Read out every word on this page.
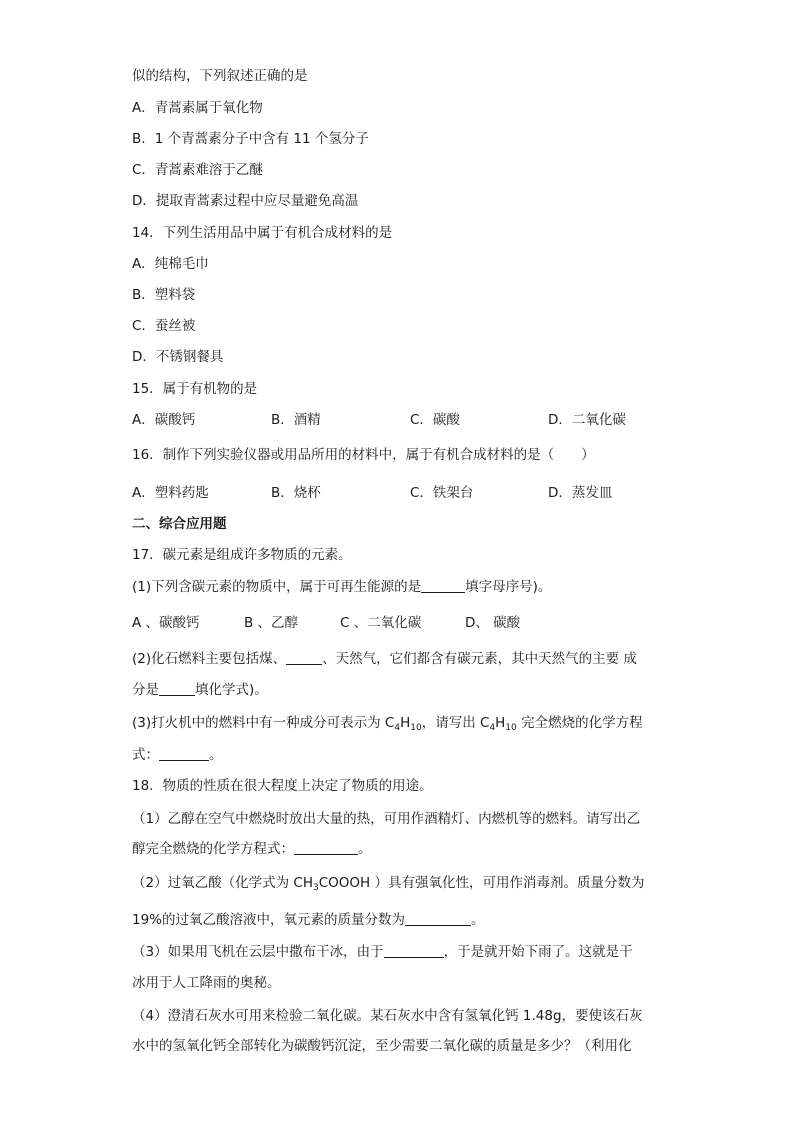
似的结构，下列叙述正确的是
A．青蒿素属于氧化物
B．1 个青蒿素分子中含有 11 个氢分子
C．青蒿素难溶于乙醚
D．提取青蒿素过程中应尽量避免高温
14．下列生活用品中属于有机合成材料的是
A．纯棉毛巾
B．塑料袋
C．蚕丝被
D．不锈钢餐具
15．属于有机物的是
A．碳酸钙	B．酒精	C．碳酸	D．二氧化碳
16．制作下列实验仪器或用品所用的材料中，属于有机合成材料的是（　　）
A．塑料药匙	B．烧杯	C．铁架台	D．蒸发皿
二、综合应用题
17．碳元素是组成许多物质的元素。
(1)下列含碳元素的物质中，属于可再生能源的是	填字母序号)。
A 、碳酸钙	B 、乙醇	C 、二氧化碳	D、 碳酸
(2)化石燃料主要包括煤、	、天然气，它们都含有碳元素，其中天然气的主要 成
分是	填化学式)。
(3)打火机中的燃料中有一种成分可表示为 $C_4H_{10}$，请写出 $C_4H_{10}$ 完全燃烧的化学方程
式：	。
18．物质的性质在很大程度上决定了物质的用途。
（1）乙醇在空气中燃烧时放出大量的热，可用作酒精灯、内燃机等的燃料。请写出乙
醇完全燃烧的化学方程式：	。
（2）过氧乙酸（化学式为 $CH_3COOOH$ ）具有强氧化性，可用作消毒剂。质量分数为
19%的过氧乙酸溶液中，氧元素的质量分数为	。
（3）如果用飞机在云层中撒布干冰，由于	，于是就开始下雨了。这就是干
冰用于人工降雨的奥秘。
（4）澄清石灰水可用来检验二氧化碳。某石灰水中含有氢氧化钙 1.48g，要使该石灰
水中的氢氧化钙全部转化为碳酸钙沉淀，至少需要二氧化碳的质量是多少？（利用化
